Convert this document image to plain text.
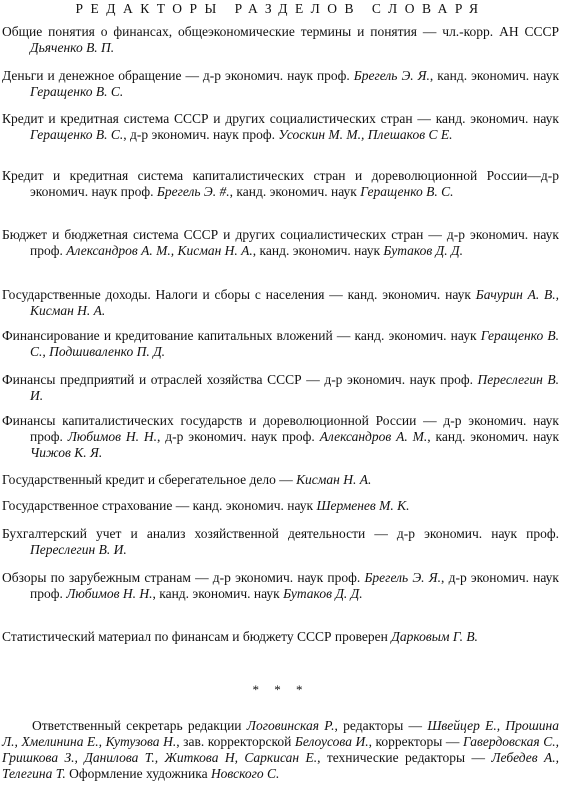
РЕДАКТОРЫ РАЗДЕЛОВ СЛОВАРЯ
Общие понятия о финансах, общеэкономические термины и понятия — чл.-корр. АН СССР Дьяченко В. П.
Деньги и денежное обращение — д-р экономич. наук проф. Брегель Э. Я., канд. экономич. наук Геращенко В. С.
Кредит и кредитная система СССР и других социалистических стран — канд. экономич. наук Геращенко В. С., д-р экономич. наук проф. Усоскин М. М., Плешаков С Е.
Кредит и кредитная система капиталистических стран и дореволюционной России—д-р экономич. наук проф. Брегель Э. #., канд. экономич. наук Геращенко В. С.
Бюджет и бюджетная система СССР и других социалистических стран — д-р экономич. наук проф. Александров А. М., Кисман Н. А., канд. экономич. наук Бутаков Д. Д.
Государственные доходы. Налоги и сборы с населения — канд. экономич. наук Бачурин А. В., Кисман Н. А.
Финансирование и кредитование капитальных вложений — канд. экономич. наук Геращенко В. С., Подшиваленко П. Д.
Финансы предприятий и отраслей хозяйства СССР — д-р экономич. наук проф. Переслегин В. И.
Финансы капиталистических государств и дореволюционной России — д-р экономич. наук проф. Любимов Н. Н., д-р экономич. наук проф. Александров А. М., канд. экономич. наук Чижов К. Я.
Государственный кредит и сберегательное дело — Кисман Н. А.
Государственное страхование — канд. экономич. наук Шерменев М. К.
Бухгалтерский учет и анализ хозяйственной деятельности — д-р экономич. наук проф. Переслегин В. И.
Обзоры по зарубежным странам — д-р экономич. наук проф. Брегель Э. Я., д-р экономич. наук проф. Любимов Н. Н., канд. экономич. наук Бутаков Д. Д.
Статистический материал по финансам и бюджету СССР проверен Дарковым Г. В.
* * *
Ответственный секретарь редакции Логовинская Р., редакторы — Швейцер Е., Прошина Л., Хмелинина Е., Кутузова Н., зав. корректорской Белоусова И., корректоры — Гавердовская С., Гришкова З., Данилова Т., Житкова Н, Саркисан Е., технические редакторы — Лебедев А., Телегина Т. Оформление художника Новского С.
